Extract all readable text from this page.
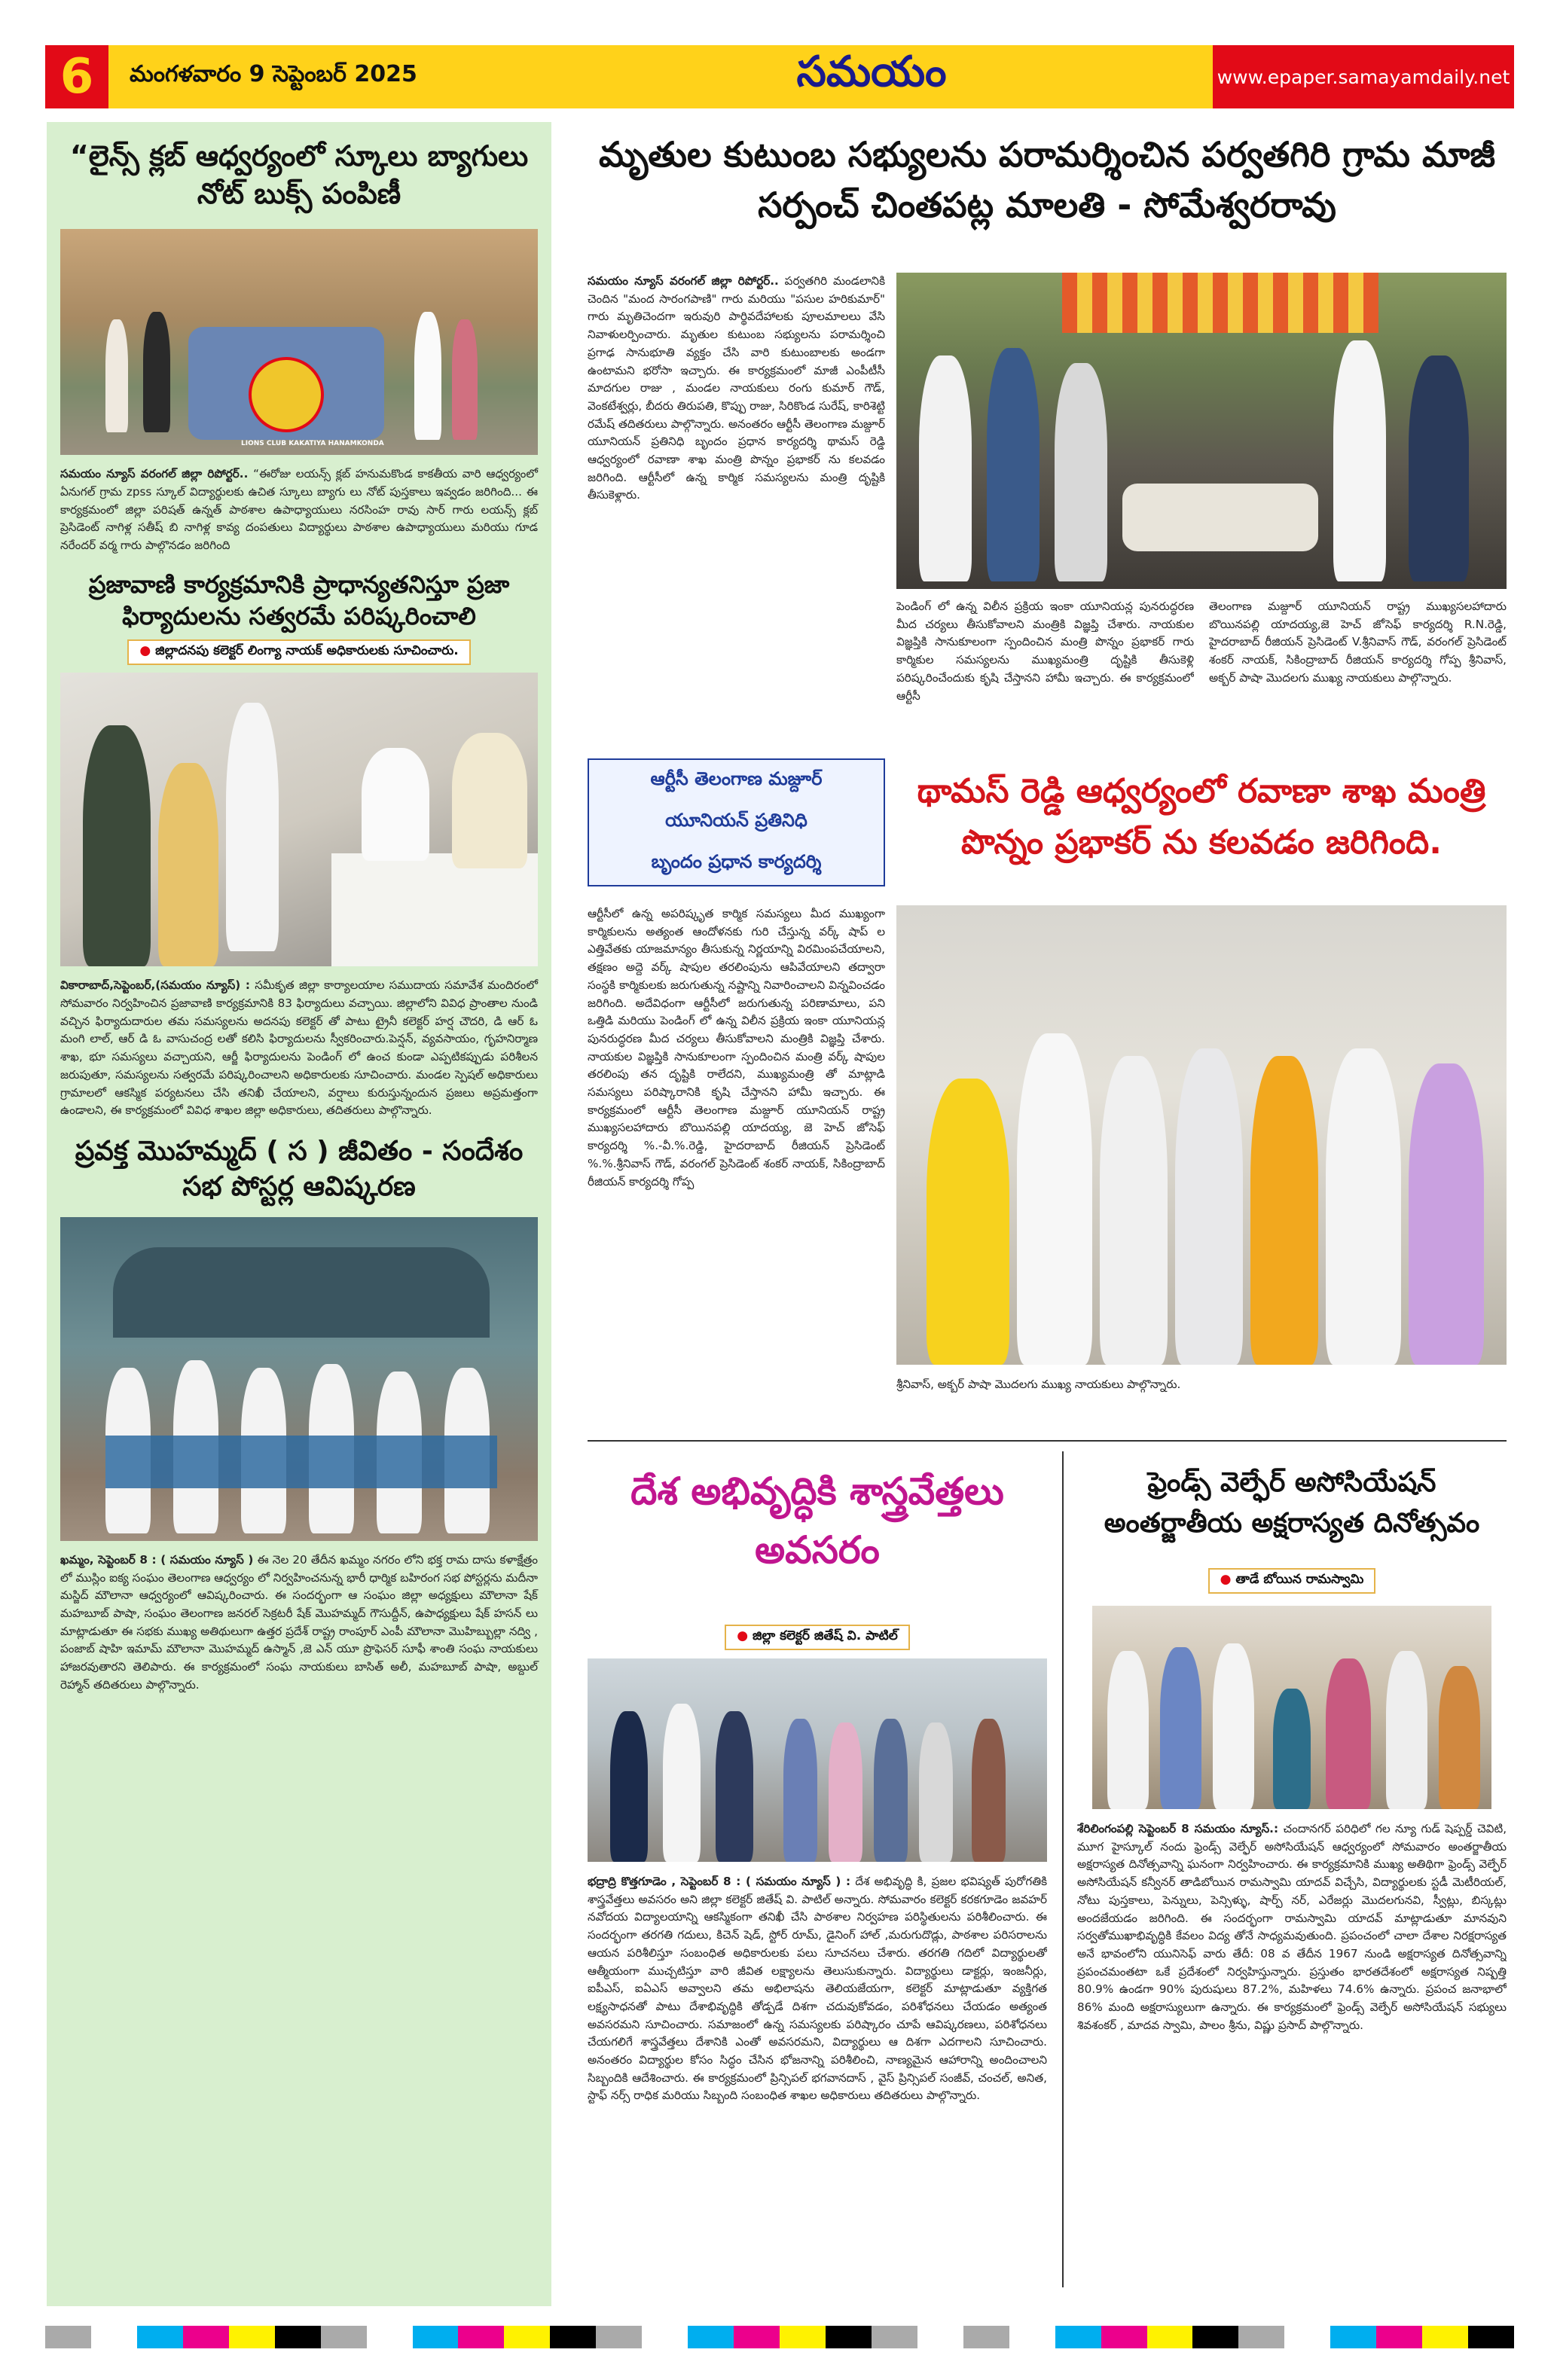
6	మంగళవారం 9 సెప్టెంబర్ 2025	సమయం	www.epaper.samayamdaily.net
“లైన్స్ క్లబ్ ఆధ్వర్యంలో స్కూలు బ్యాగులు నోట్ బుక్స్ పంపిణీ
LIONS CLUB KAKATIYA HANAMKONDA
సమయం న్యూస్ వరంగల్ జిల్లా రిపోర్టర్.. “ఈరోజు లయన్స్ క్లబ్ హనుమకొండ కాకతీయ వారి ఆధ్వర్యంలో ఏనుగల్ గ్రామ zpss స్కూల్ విద్యార్థులకు ఉచిత స్కూలు బ్యాగు లు నోట్ పుస్తకాలు ఇవ్వడం జరిగింది... ఈ కార్యక్రమంలో జిల్లా పరిషత్ ఉన్నత్ పాఠశాల ఉపాధ్యాయులు నరసింహ రావు సార్ గారు లయన్స్ క్లబ్ ప్రెసిడెంట్ నాగిళ్ల సతీష్ బి నాగిళ్ల కావ్య దంపతులు విద్యార్థులు పాఠశాల ఉపాధ్యాయులు మరియు గూడ నరేందర్ వర్మ గారు పాల్గొనడం జరిగింది
ప్రజావాణి కార్యక్రమానికి ప్రాధాన్యతనిస్తూ ప్రజా ఫిర్యాదులను సత్వరమే పరిష్కరించాలి
● జిల్లాదనపు కలెక్టర్ లింగ్యా నాయక్ అధికారులకు సూచించారు.
వికారాబాద్,సెప్టెంబర్,(సమయం న్యూస్) : సమీకృత జిల్లా కార్యాలయాల సముదాయ సమావేశ మందిరంలో సోమవారం నిర్వహించిన ప్రజావాణి కార్యక్రమానికి 83 ఫిర్యాదులు వచ్చాయి. జిల్లాలోని వివిధ ప్రాంతాల నుండి వచ్చిన ఫిర్యాదుదారుల తమ సమస్యలను అదనపు కలెక్టర్ తో పాటు ట్రైనీ కలెక్టర్ హర్ష చౌదరి, డి ఆర్ ఓ మంగి లాల్, ఆర్ డి ఓ వాసుచంద్ర లతో కలిసి ఫిర్యాదులను స్వీకరించారు.పెన్షన్, వ్యవసాయం, గృహనిర్మాణ శాఖ, భూ సమస్యలు వచ్చాయని, ఆర్జీ ఫిర్యాదులను పెండింగ్ లో ఉంచ కుండా ఎప్పటికప్పుడు పరిశీలన జరుపుతూ, సమస్యలను సత్వరమే పరిష్కరించాలని అధికారులకు సూచించారు. మండల స్పెషల్ అధికారులు గ్రామాలలో ఆకస్మిక పర్యటనలు చేసి తనిఖీ చేయాలని, వర్షాలు కురుస్తున్నందున ప్రజలు అప్రమత్తంగా ఉండాలని, ఈ కార్యక్రమంలో వివిధ శాఖల జిల్లా అధికారులు, తదితరులు పాల్గొన్నారు.
ప్రవక్త మొహమ్మద్ ( స ) జీవితం - సందేశం సభ పోస్టర్ల ఆవిష్కరణ
ఖమ్మం, సెప్టెంబర్ 8 : ( సమయం న్యూస్ ) ఈ నెల 20 తేదీన ఖమ్మం నగరం లోని భక్త రామ దాసు కళాక్షేత్రం లో ముస్లిం ఐక్య సంఘం తెలంగాణ ఆధ్వర్యం లో నిర్వహించనున్న భారీ ధార్మిక బహిరంగ సభ పోస్టర్లను మదీనా మస్జిద్ మౌలానా ఆధ్వర్యంలో ఆవిష్కరించారు. ఈ సందర్భంగా ఆ సంఘం జిల్లా అధ్యక్షులు మౌలానా షేక్ మహబూబ్ పాషా, సంఘం తెలంగాణ జనరల్ సెక్రటరీ షేక్ మొహమ్మద్ గౌసుద్దీన్, ఉపాధ్యక్షులు షేక్ హసన్ లు మాట్లాడుతూ ఈ సభకు ముఖ్య అతిథులుగా ఉత్తర ప్రదేశ్ రాష్ట్ర రాంపూర్ ఎంపీ మౌలానా మొహిబ్బుల్లా నద్వి , పంజాబ్ షాహి ఇమామ్ మౌలానా మొహమ్మద్ ఉస్మాన్ ,జె ఎన్ యూ ప్రొఫెసర్ సూఫీ శాంతి సంఘ నాయకులు హాజరవుతారని తెలిపారు. ఈ కార్యక్రమంలో సంఘ నాయకులు బాసిత్ అలీ, మహబూబ్ పాషా, అబ్దుల్ రెహ్మాన్ తదితరులు పాల్గొన్నారు.
మృతుల కుటుంబ సభ్యులను పరామర్శించిన పర్వతగిరి గ్రామ మాజీ సర్పంచ్ చింతపట్ల మాలతి - సోమేశ్వరరావు
సమయం న్యూస్ వరంగల్ జిల్లా రిపోర్టర్.. పర్వతగిరి మండలానికి చెందిన "మంద సారంగపాణి" గారు మరియు "పసుల హరికుమార్" గారు మృతిచెందగా ఇరువురి పార్థివదేహాలకు పూలమాలలు వేసి నివాళులర్పించారు. మృతుల కుటుంబ సభ్యులను పరామర్శించి ప్రగాఢ సానుభూతి వ్యక్తం చేసి వారి కుటుంబాలకు అండగా ఉంటామని భరోసా ఇచ్చారు. ఈ కార్యక్రమంలో మాజీ ఎంపీటీసీ మాదగుల రాజు , మండల నాయకులు రంగు కుమార్ గౌడ్, వెంకటేశ్వర్లు, బీదరు తిరుపతి, కొప్పు రాజు, సిరికొండ సురేష్, కారిశెట్టి రమేష్ తదితరులు పాల్గొన్నారు. అనంతరం ఆర్టీసీ తెలంగాణ మజ్దూర్ యూనియన్ ప్రతినిధి బృందం ప్రధాన కార్యదర్శి థామస్ రెడ్డి ఆధ్వర్యంలో రవాణా శాఖ మంత్రి పొన్నం ప్రభాకర్ ను కలవడం జరిగింది. ఆర్టీసీలో ఉన్న కార్మిక సమస్యలను మంత్రి దృష్టికి తీసుకెళ్లారు.
పెండింగ్ లో ఉన్న విలీన ప్రక్రియ ఇంకా యూనియన్ల పునరుద్ధరణ మీద చర్యలు తీసుకోవాలని మంత్రికి విజ్ఞప్తి చేశారు. నాయకుల విజ్ఞప్తికి సానుకూలంగా స్పందించిన మంత్రి పొన్నం ప్రభాకర్ గారు కార్మికుల సమస్యలను ముఖ్యమంత్రి దృష్టికి తీసుకెళ్లి పరిష్కరించేందుకు కృషి చేస్తానని హామీ ఇచ్చారు. ఈ కార్యక్రమంలో ఆర్టీసీ
తెలంగాణ మజ్దూర్ యూనియన్ రాష్ట్ర ముఖ్యసలహాదారు బొయినపల్లి యాదయ్య,జె హెచ్ జోసెఫ్ కార్యదర్శి R.N.రెడ్డి, హైదరాబాద్ రీజియన్ ప్రెసిడెంట్ V.శ్రీనివాస్ గౌడ్, వరంగల్ ప్రెసిడెంట్ శంకర్ నాయక్, సికింద్రాబాద్ రీజియన్ కార్యదర్శి గోప్ప శ్రీనివాస్, అక్బర్ పాషా మొదలగు ముఖ్య నాయకులు పాల్గొన్నారు.
ఆర్టీసీ తెలంగాణ మజ్దూర్
యూనియన్ ప్రతినిధి
బృందం ప్రధాన కార్యదర్శి
థామస్ రెడ్డి ఆధ్వర్యంలో రవాణా శాఖ మంత్రి పొన్నం ప్రభాకర్ ను కలవడం జరిగింది.
ఆర్టీసీలో ఉన్న అపరిష్కృత కార్మిక సమస్యలు మీద ముఖ్యంగా కార్మికులను అత్యంత ఆందోళనకు గురి చేస్తున్న వర్క్ షాప్ ల ఎత్తివేతకు యాజమాన్యం తీసుకున్న నిర్ణయాన్ని విరమింపచేయాలని, తక్షణం అద్దె వర్క్ షాపుల తరలింపును ఆపివేయాలని తద్వారా సంస్థకి కార్మికులకు జరుగుతున్న నష్టాన్ని నివారించాలని విన్నవించడం జరిగింది. అదేవిధంగా ఆర్టీసీలో జరుగుతున్న పరిణామాలు, పని ఒత్తిడి మరియు పెండింగ్ లో ఉన్న విలీన ప్రక్రియ ఇంకా యూనియన్ల పునరుద్ధరణ మీద చర్యలు తీసుకోవాలని మంత్రికి విజ్ఞప్తి చేశారు. నాయకుల విజ్ఞప్తికి సానుకూలంగా స్పందించిన మంత్రి వర్క్ షాపుల తరలింపు తన దృష్టికి రాలేదని, ముఖ్యమంత్రి తో మాట్లాడి సమస్యలు పరిష్కారానికి కృషి చేస్తానని హామీ ఇచ్చారు. ఈ కార్యక్రమంలో ఆర్టీసీ తెలంగాణ మజ్దూర్ యూనియన్ రాష్ట్ర ముఖ్యసలహాదారు బొయినపల్లి యాదయ్య, జె హెచ్ జోసెఫ్ కార్యదర్శి %.-వీ.%.రెడ్డి, హైదరాబాద్ రీజియన్ ప్రెసిడెంట్ %.%.శ్రీనివాస్ గౌడ్, వరంగల్ ప్రెసిడెంట్ శంకర్ నాయక్, సికింద్రాబాద్ రీజియన్ కార్యదర్శి గోప్ప
శ్రీనివాస్, అక్బర్ పాషా మొదలగు ముఖ్య నాయకులు పాల్గొన్నారు.
దేశ అభివృద్ధికి శాస్త్రవేత్తలు అవసరం
● జిల్లా కలెక్టర్ జితేష్ వి. పాటిల్
భద్రాద్రి కొత్తగూడెం , సెప్టెంబర్ 8 : ( సమయం న్యూస్ ) : దేశ అభివృద్ధి కి, ప్రజల భవిష్యత్ పురోగతికి శాస్త్రవేత్తలు అవసరం అని జిల్లా కలెక్టర్ జితేష్ వి. పాటిల్ అన్నారు. సోమవారం కలెక్టర్ కరకగూడెం జవహర్ నవోదయ విద్యాలయాన్ని ఆకస్మికంగా తనిఖీ చేసి పాఠశాల నిర్వహణ పరిస్థితులను పరిశీలించారు. ఈ సందర్భంగా తరగతి గదులు, కిచెన్ షెడ్, స్టోర్ రూమ్, డైనింగ్ హాల్ ,మరుగుదొడ్లు, పాఠశాల పరిసరాలను ఆయన పరిశీలిస్తూ సంబంధిత అధికారులకు పలు సూచనలు చేశారు. తరగతి గదిలో విద్యార్థులతో ఆత్మీయంగా ముచ్చటిస్తూ వారి జీవిత లక్ష్యాలను తెలుసుకున్నారు. విద్యార్థులు డాక్టర్లు, ఇంజనీర్లు, ఐపీఎస్, ఐఏఎస్ అవ్వాలని తమ అభిలాషను తెలియజేయగా, కలెక్టర్ మాట్లాడుతూ వ్యక్తిగత లక్ష్యసాధనతో పాటు దేశాభివృద్ధికి తోడ్పడే దిశగా చదువుకోవడం, పరిశోధనలు చేయడం అత్యంత అవసరమని సూచించారు. సమాజంలో ఉన్న సమస్యలకు పరిష్కారం చూపే ఆవిష్కరణలు, పరిశోధనలు చేయగలిగే శాస్త్రవేత్తలు దేశానికి ఎంతో అవసరమని, విద్యార్థులు ఆ దిశగా ఎదగాలని సూచించారు. అనంతరం విద్యార్థుల కోసం సిద్ధం చేసిన భోజనాన్ని పరిశీలించి, నాణ్యమైన ఆహారాన్ని అందించాలని సిబ్బందికి ఆదేశించారు. ఈ కార్యక్రమంలో ప్రిన్సిపల్ భగవానదాస్ , వైస్ ప్రిన్సిపల్ సంజీవ్, చంచల్, అనిత, స్టాఫ్ నర్స్ రాధిక మరియు సిబ్బంది సంబంధిత శాఖల అధికారులు తదితరులు పాల్గొన్నారు.
ఫ్రెండ్స్ వెల్ఫేర్ అసోసియేషన్ అంతర్జాతీయ అక్షరాస్యత దినోత్సవం
● తాడే బోయిన రామస్వామి
శేరిలింగంపల్లి సెప్టెంబర్ 8 సమయం న్యూస్.: చందానగర్ పరిధిలో గల న్యూ గుడ్ షెప్పర్డ్ చెవిటి, మూగ హైస్కూల్ నందు ఫ్రెండ్స్ వెల్ఫేర్ అసోసియేషన్ ఆధ్వర్యంలో సోమవారం అంతర్జాతీయ అక్షరాస్యత దినోత్సవాన్ని ఘనంగా నిర్వహించారు. ఈ కార్యక్రమానికి ముఖ్య అతిథిగా ఫ్రెండ్స్ వెల్ఫేర్ అసోసియేషన్ కన్వీనర్ తాడిబోయిన రామస్వామి యాదవ్ విచ్చేసి, విద్యార్థులకు స్టడీ మెటీరియల్, నోటు పుస్తకాలు, పెన్నులు, పెన్సిళ్ళు, షార్ప్ నర్, ఎరేజర్లు మొదలగునవి, స్వీట్లు, బిస్కట్లు అందజేయడం జరిగింది. ఈ సందర్భంగా రామస్వామి యాదవ్ మాట్లాడుతూ మానవుని సర్వతోముఖాభివృద్ధికి కేవలం విద్య తోనే సాధ్యమవుతుంది. ప్రపంచంలో చాలా దేశాల నిరక్షరాస్యత అనే భావంలోని యునిసెఫ్ వారు తేదీ: 08 వ తేదీన 1967 నుండి అక్షరాస్యత దినోత్సవాన్ని ప్రపంచమంతటా ఒకే ప్రదేశంలో నిర్వహిస్తున్నారు. ప్రస్తుతం భారతదేశంలో అక్షరాస్యత నిష్పత్తి 80.9% ఉండగా 90% పురుషులు 87.2%, మహిళలు 74.6% ఉన్నారు. ప్రపంచ జనాభాలో 86% మంది అక్షరాస్యులుగా ఉన్నారు. ఈ కార్యక్రమంలో ఫ్రెండ్స్ వెల్ఫేర్ అసోసియేషన్ సభ్యులు శివశంకర్ , మాదవ స్వామి, పాలం శ్రీను, విష్ణు ప్రసాద్ పాల్గొన్నారు.
